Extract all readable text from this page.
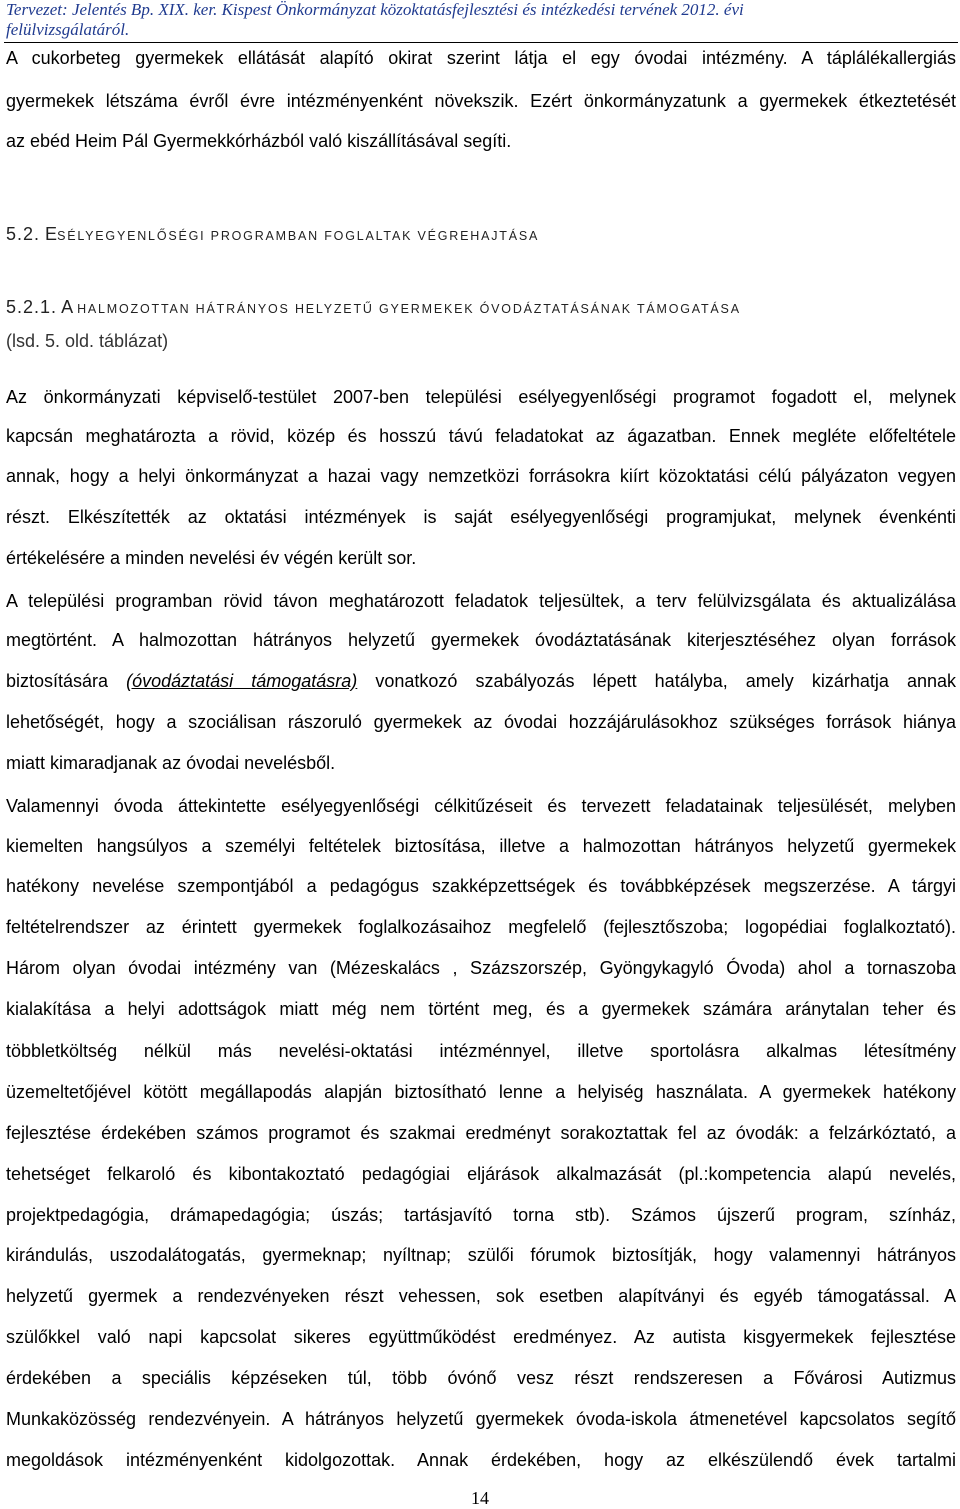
Tervezet: Jelentés Bp. XIX. ker. Kispest Önkormányzat közoktatásfejlesztési és intézkedési tervének 2012. évi
felülvizsgálatáról.
A cukorbeteg gyermekek ellátását alapító okirat szerint látja el egy óvodai intézmény. A táplálékallergiás
gyermekek létszáma évről évre intézményenként növekszik. Ezért önkormányzatunk a gyermekek étkeztetését
az ebéd Heim Pál Gyermekkórházból való kiszállításával segíti.
5.2. ESÉLYEGYENLŐSÉGI PROGRAMBAN FOGLALTAK VÉGREHAJTÁSA
5.2.1. A HALMOZOTTAN HÁTRÁNYOS HELYZETŰ GYERMEKEK ÓVODÁZTATÁSÁNAK TÁMOGATÁSA
(lsd. 5. old. táblázat)
Az önkormányzati képviselő-testület 2007-ben települési esélyegyenlőségi programot fogadott el, melynek
kapcsán meghatározta a rövid, közép és hosszú távú feladatokat az ágazatban. Ennek megléte előfeltétele
annak, hogy a helyi önkormányzat a hazai vagy nemzetközi forrásokra kiírt közoktatási célú pályázaton vegyen
részt. Elkészítették az oktatási intézmények is saját esélyegyenlőségi programjukat, melynek évenkénti
értékelésére a minden nevelési év végén került sor.
A települési programban rövid távon meghatározott feladatok teljesültek, a terv felülvizsgálata és aktualizálása
megtörtént. A halmozottan hátrányos helyzetű gyermekek óvodáztatásának kiterjesztéséhez olyan források
biztosítására (óvodáztatási támogatásra) vonatkozó szabályozás lépett hatályba, amely kizárhatja annak
lehetőségét, hogy a szociálisan rászoruló gyermekek az óvodai hozzájárulásokhoz szükséges források hiánya
miatt kimaradjanak az óvodai nevelésből.
Valamennyi óvoda áttekintette esélyegyenlőségi célkitűzéseit és tervezett feladatainak teljesülését, melyben
kiemelten hangsúlyos a személyi feltételek biztosítása, illetve a halmozottan hátrányos helyzetű gyermekek
hatékony nevelése szempontjából a pedagógus szakképzettségek és továbbképzések megszerzése. A tárgyi
feltételrendszer az érintett gyermekek foglalkozásaihoz megfelelő (fejlesztőszoba; logopédiai foglalkoztató).
Három olyan óvodai intézmény van (Mézeskalács , Százszorszép, Gyöngykagyló Óvoda) ahol a tornaszoba
kialakítása a helyi adottságok miatt még nem történt meg, és a gyermekek számára aránytalan teher és
többletköltség nélkül más nevelési-oktatási intézménnyel, illetve sportolásra alkalmas létesítmény
üzemeltetőjével kötött megállapodás alapján biztosítható lenne a helyiség használata. A gyermekek hatékony
fejlesztése érdekében számos programot és szakmai eredményt sorakoztattak fel az óvodák: a felzárkóztató, a
tehetséget felkaroló és kibontakoztató pedagógiai eljárások alkalmazását (pl.:kompetencia alapú nevelés,
projektpedagógia, drámapedagógia; úszás; tartásjavító torna stb). Számos újszerű program, színház,
kirándulás, uszodalátogatás, gyermeknap; nyíltnap; szülői fórumok biztosítják, hogy valamennyi hátrányos
helyzetű gyermek a rendezvényeken részt vehessen, sok esetben alapítványi és egyéb támogatással. A
szülőkkel való napi kapcsolat sikeres együttműködést eredményez. Az autista kisgyermekek fejlesztése
érdekében a speciális képzéseken túl, több óvónő vesz részt rendszeresen a Fővárosi Autizmus
Munkaközösség rendezvényein. A hátrányos helyzetű gyermekek óvoda-iskola átmenetével kapcsolatos segítő
megoldások intézményenként kidolgozottak. Annak érdekében, hogy az elkészülendő évek tartalmi
14
